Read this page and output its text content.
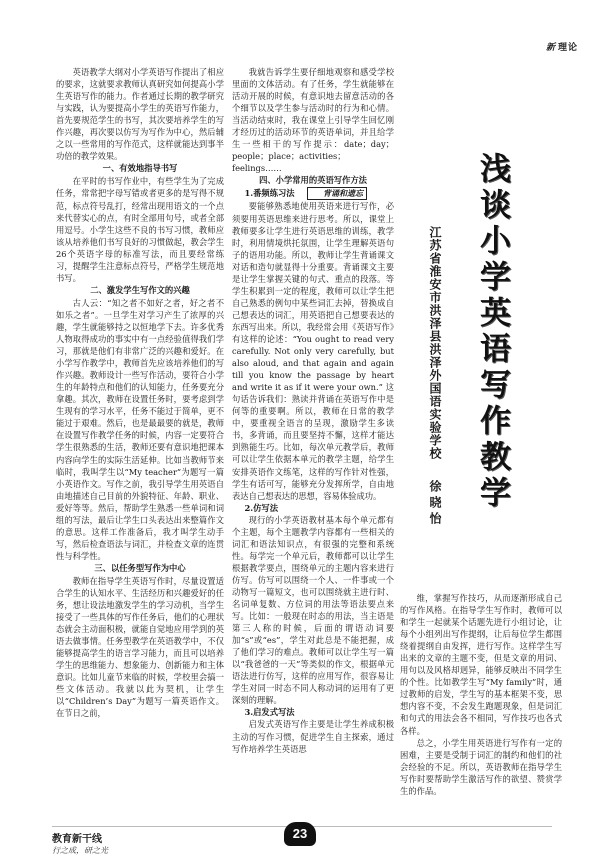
新 理论

英语教学大纲对小学英语写作提出了相应的要求，这就要求教师认真研究如何提高小学生英语写作的能力。作者通过长期的教学研究与实践，认为要提高小学生的英语写作能力，首先要规范学生的书写，其次要培养学生的写作兴趣，再次要以仿写为写作为中心，然后辅之以一些常用的写作范式，这样就能达到事半功倍的教学效果。

一、有效地指导书写

在平时的书写作业中，有些学生为了完成任务，常常把字母写错或者更多的是写得不规范，标点符号乱打，经常出现用语文的一个点来代替实心的点，有时全部用句号，或者全部用逗号。小学生这些不良的书写习惯，教师应该从培养他们书写良好的习惯做起，教会学生26个英语字母的标准写法，而且要经常练习，提醒学生注意标点符号，严格学生规范地书写。

二、激发学生写作文的兴趣

古人云：“知之者不如好之者，好之者不如乐之者”。一旦学生对学习产生了浓厚的兴趣，学生就能够持之以恒地学下去。许多优秀人物取得成功的事实中有一点经验值得我们学习，那就是他们有非常广泛的兴趣和爱好。在小学写作教学中，教师首先应该培养他们的写作兴趣。教师设计一些写作活动，要符合小学生的年龄特点和他们的认知能力，任务要充分拿趣。其次，教师在设置任务时，要考虑到学生现有的学习水平，任务不能过于简单，更不能过于艰难。然后，也是最最要的就是，教师在设置写作教学任务的时候，内容一定要符合学生很熟悉的生活，教师还要有意识地把课本内容向学生的实际生活延伸。比如当教师节来临时，我叫学生以“My teacher”为题写一篇小英语作文。写作之前，我引导学生用英语自由地描述自己目前的外貌特征、年龄、职业、爱好等等。然后，帮助学生熟悉一些单词和词组的写法，最后让学生口头表达出来整篇作文的意思。这样工作准备后，我才叫学生动手写，然后检查语法与词汇，并检查文章的连贯性与科学性。

三、以任务型写作为中心

教师在指导学生英语写作时，尽量设置适合学生的认知水平、生活经历和兴趣爱好的任务，想让设法地激发学生的学习动机，当学生接受了一些具体的写作任务后，他们的心理状态就会主动面积极，就能自觉地应用学到的英语去做事情。任务型教学在英语教学中，不仅能够提高学生的语言学习能力，而且可以培养学生的思维能力、想象能力、创新能力和主体意识。比如儿童节来临的时候，学校里会搞一些文体活动。我就以此为契机，让学生以“Children’s Day”为题写一篇英语作文。在节日之前，

我就告诉学生要仔细地观察和感受学校里面的文体活动。有了任务，学生就能够在活动开展的时候，有意识地去留意活动的各个细节以及学生参与活动时的行为和心情。当活动结束时，我在课堂上引导学生回忆刚才经历过的活动环节的英语单词，并且给学生一些相干的写作提示：date；day；people；place；activities；feelings……

四、小学常用的英语写作方法

1.番频练习法	背诵和遗忘

要能够熟悉地使用英语来进行写作，必须要用英语思维来进行思考。所以，课堂上教师要多让学生进行英语思维的训练，教学时，利用情境烘托氛围，让学生理解英语句子的语用功能。所以，教师让学生背诵课文对话和造句就显得十分重要。背诵课文主要是让学生掌握关键的句式、重点的段落。等学生积累到一定的程度，教师可以让学生把自己熟悉的例句中某些词汇去掉，替换成自己想表达的词汇，用英语把自己想要表达的东西写出来。所以，我经常会用《英语写作》有这样的论述：“You ought to read very carefully. Not only very carefully, but also aloud, and that again and again till you know the passage by heart and write it as if it were your own.” 这句话告诉我们：熟读并背诵在英语写作中是何等的重要啊。所以，教师在日常的教学中，要重视全语言的呈现，激励学生多读书，多背诵，而且要坚持不懈，这样才能达到熟能生巧。比如，每次单元教学后，教师可以让学生依据本单元的教学主题，给学生安排英语作文练笔，这样的写作针对性强，学生有话可写，能够充分发挥所学，自由地表达自己想表达的思想，容易体验成功。

2.仿写法

现行的小学英语教材基本每个单元都有个主题，每个主题教学内容都有一些相关的词汇和语法知识点，有很强的完整和系统性。每学完一个单元后，教师都可以让学生根据教学要点，围绕单元的主题内容来进行仿写。仿写可以围绕一个人、一件事或一个动物写一篇短文，也可以围绕就主进行时、名词单复数、方位词的用法等语法要点来写。比如：一般现在时态的用法，当主语是第三人称的时候，后面的谓语动词要加“s”或“es”，学生对此总是不能把握，成了他们学习的难点。教师可以让学生写一篇以“我爸爸的一天”等类似的作文，根据单元语法进行仿写，这样的应用写作，很容易让学生对同一时态不同人称动词的运用有了更深刻的理解。

3.启发式写法

启发式英语写作主要是让学生养成积极主动的写作习惯，促进学生自主探索，通过写作培养学生英语思

浅谈小学英语写作教学
江苏省淮安市洪泽县洪泽外国语实验学校
徐晓怡

维，掌握写作技巧，从而逐渐形成自己的写作风格。在指导学生写作时，教师可以和学生一起就某个话题先进行小组讨论，让每个小组列出写作提纲，让后每位学生都围绕着提纲自由发挥，进行写作。这样学生写出来的文章的主题不变，但是文章的用词、用句以及风格却迥异，能够反映出不同学生的个性。比如教学生写“My family”时，通过教师的启发，学生写的基本框架不变，思想内容不变，不会发生跑题现象，但是词汇和句式的用法会各不相同，写作技巧也各式各样。

总之，小学生用英语进行写作有一定的困难，主要是受制于词汇的制约和他们的社会经验的不足。所以，英语教师在指导学生写作时要帮助学生激活写作的欲望、赞赏学生的作品。

教育新干线
行之成，研之光
23
